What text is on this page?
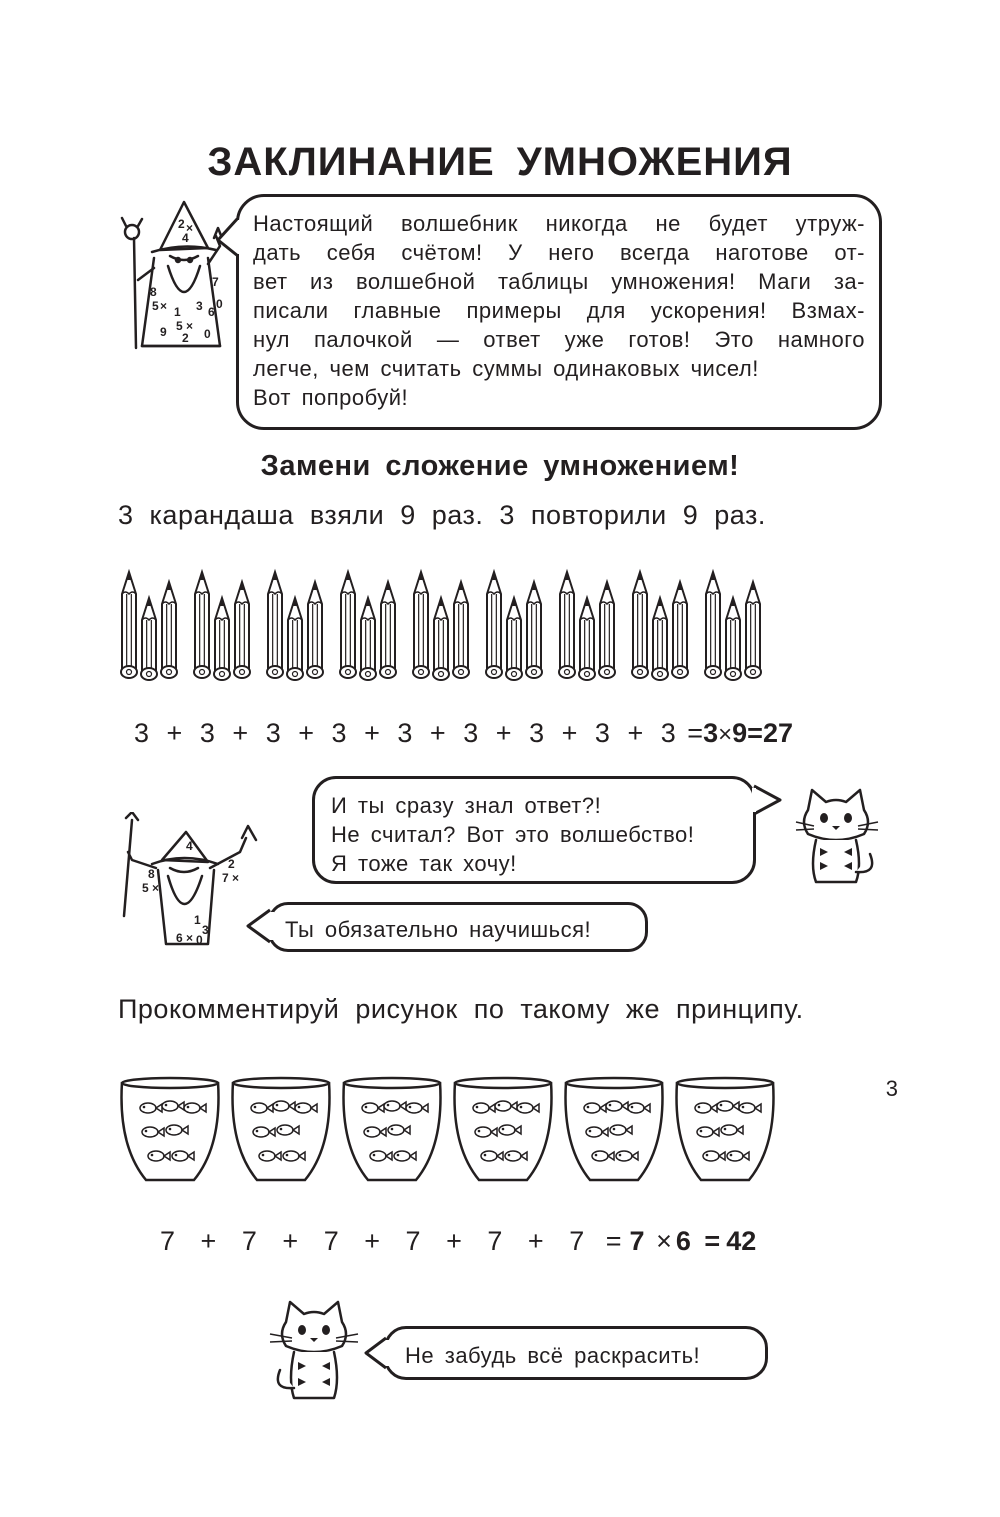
ЗАКЛИНАНИЕ УМНОЖЕНИЯ
2 ×
4
7
8
5 × 1 3 6
0
9 5 ×
2 0
Настоящий волшебник никогда не будет утруж-
дать себя счётом! У него всегда наготове от-
вет из волшебной таблицы умножения! Маги за-
писали главные примеры для ускорения! Взмах-
нул палочкой — ответ уже готов! Это намного
легче, чем считать суммы одинаковых чисел!
Вот попробуй!
Замени сложение умножением!
3 карандаша взяли 9 раз. 3 повторили 9 раз.
3 + 3 + 3 + 3 + 3 + 3 + 3 + 3 + 3 =3×9=27
И ты сразу знал ответ?!
Не считал? Вот это волшебство!
Я тоже так хочу!
4
2
8
5 ×
7 ×
1
3
6 × 0	Ты обязательно научишься!
Прокомментируй рисунок по такому же принципу.
7 + 7 + 7 + 7 + 7 + 7 = 7 × 6 = 42
Не забудь всё раскрасить!
3
